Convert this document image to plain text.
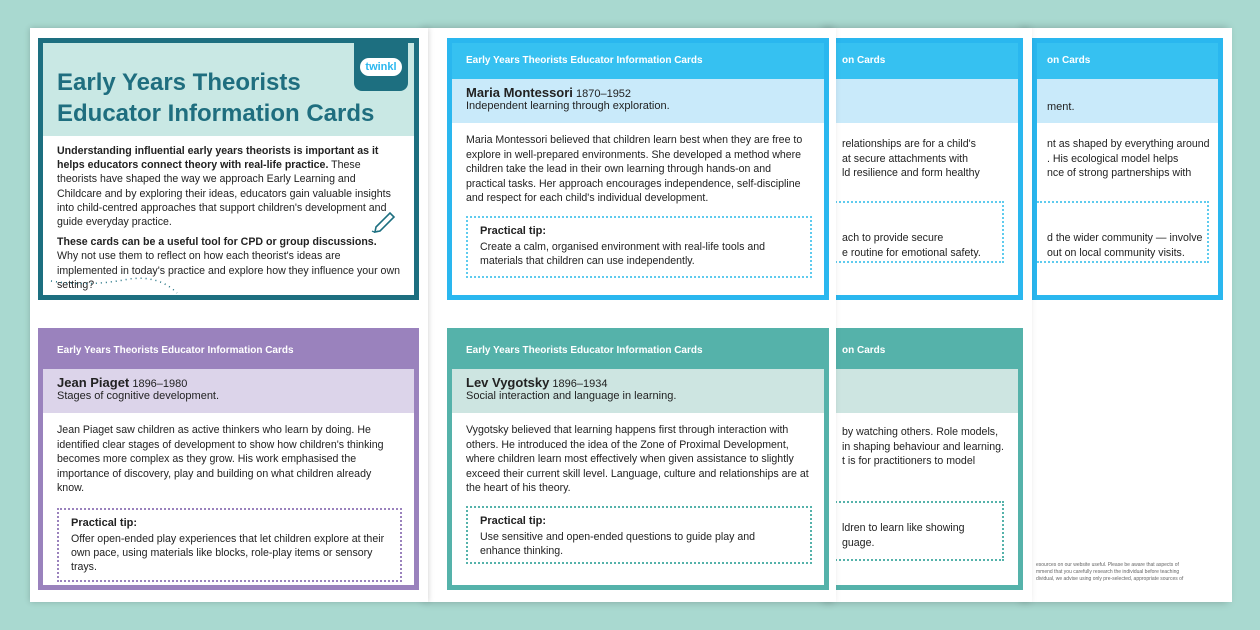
on Cards
ment.
nt as shaped by everything around
. His ecological model helps
nce of strong partnerships with
d the wider community — involve
out on local community visits.
esources on our website useful. Please be aware that aspects of
mmend that you carefully research the individual before teaching
dividual, we advise using only pre-selected, appropriate sources of
on Cards
relationships are for a child's
at secure attachments with
ld resilience and form healthy
ach to provide secure
e routine for emotional safety.
on Cards
by watching others. Role models,
in shaping behaviour and learning.
t is for practitioners to model
ldren to learn like showing
guage.
Early Years Theorists Educator Information Cards
Maria Montessori 1870–1952
Independent learning through exploration.
Maria Montessori believed that children learn best when they are free to explore in well-prepared environments. She developed a method where children take the lead in their own learning through hands-on and practical tasks. Her approach encourages independence, self-discipline and respect for each child's individual development.
Practical tip:
Create a calm, organised environment with real-life tools and materials that children can use independently.
Early Years Theorists Educator Information Cards
Lev Vygotsky 1896–1934
Social interaction and language in learning.
Vygotsky believed that learning happens first through interaction with others. He introduced the idea of the Zone of Proximal Development, where children learn most effectively when given assistance to slightly exceed their current skill level. Language, culture and relationships are at the heart of his theory.
Practical tip:
Use sensitive and open-ended questions to guide play and enhance thinking.
Early Years Theorists
Educator Information Cards
twinkl

Understanding influential early years theorists is important as it helps educators connect theory with real-life practice. These theorists have shaped the way we approach Early Learning and Childcare and by exploring their ideas, educators gain valuable insights into child-centred approaches that support children's development and guide everyday practice.

These cards can be a useful tool for CPD or group discussions. Why not use them to reflect on how each theorist's ideas are implemented in today's practice and explore how they influence your own setting?

Early Years Theorists Educator Information Cards
Jean Piaget 1896–1980
Stages of cognitive development.
Jean Piaget saw children as active thinkers who learn by doing. He identified clear stages of development to show how children's thinking becomes more complex as they grow. His work emphasised the importance of discovery, play and building on what children already know.
Practical tip:
Offer open-ended play experiences that let children explore at their own pace, using materials like blocks, role-play items or sensory trays.
